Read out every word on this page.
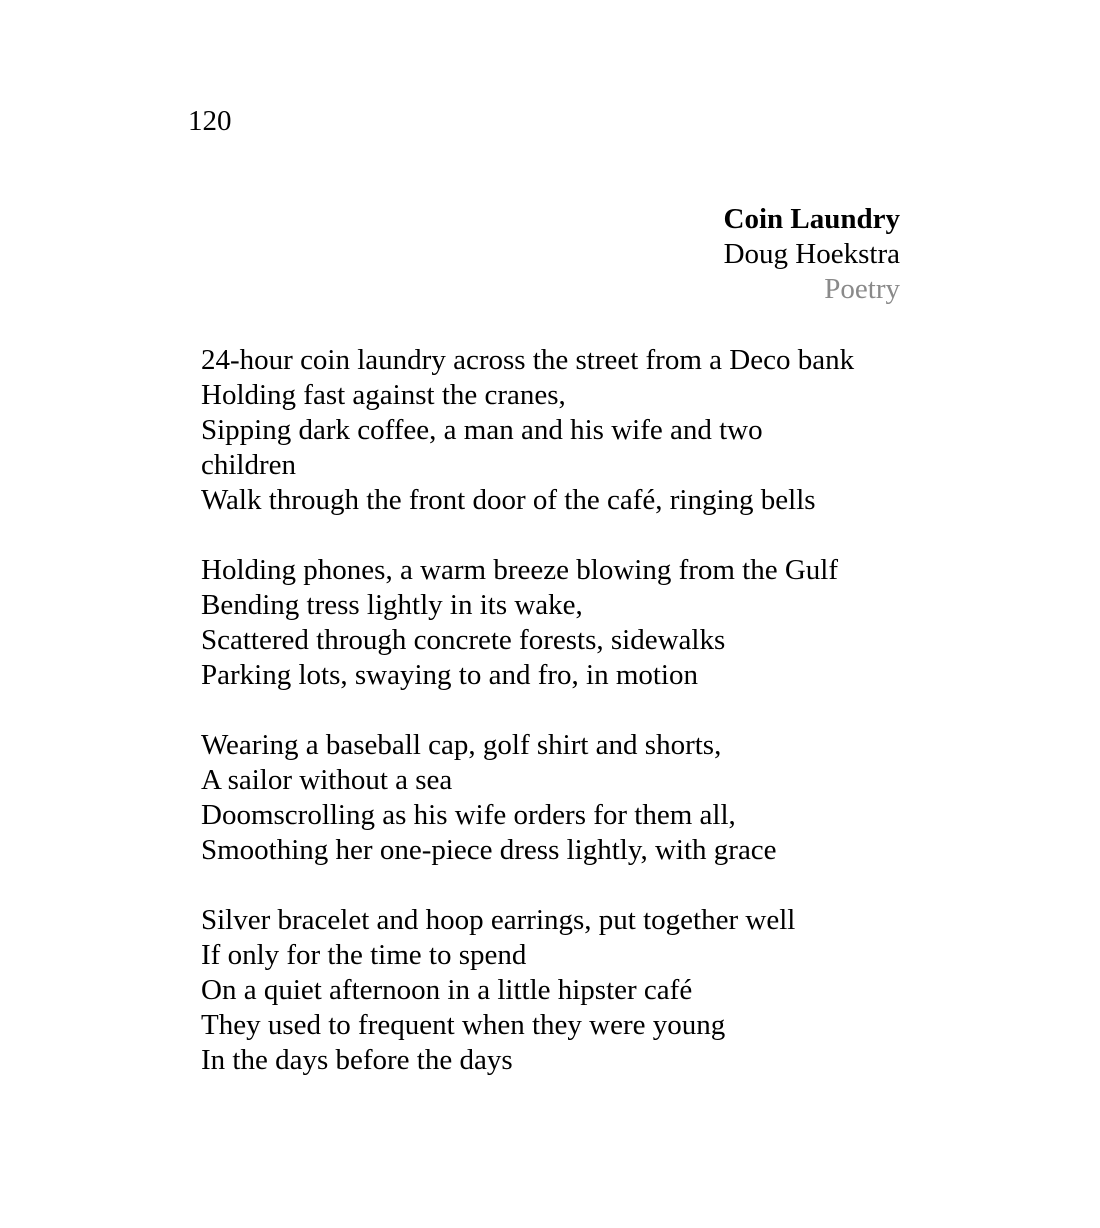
120
Coin Laundry
Doug Hoekstra
Poetry
24-hour coin laundry across the street from a Deco bank
Holding fast against the cranes,
Sipping dark coffee, a man and his wife and two
children
Walk through the front door of the café, ringing bells
Holding phones, a warm breeze blowing from the Gulf
Bending tress lightly in its wake,
Scattered through concrete forests, sidewalks
Parking lots, swaying to and fro, in motion
Wearing a baseball cap, golf shirt and shorts,
A sailor without a sea
Doomscrolling as his wife orders for them all,
Smoothing her one-piece dress lightly, with grace
Silver bracelet and hoop earrings, put together well
If only for the time to spend
On a quiet afternoon in a little hipster café
They used to frequent when they were young
In the days before the days
